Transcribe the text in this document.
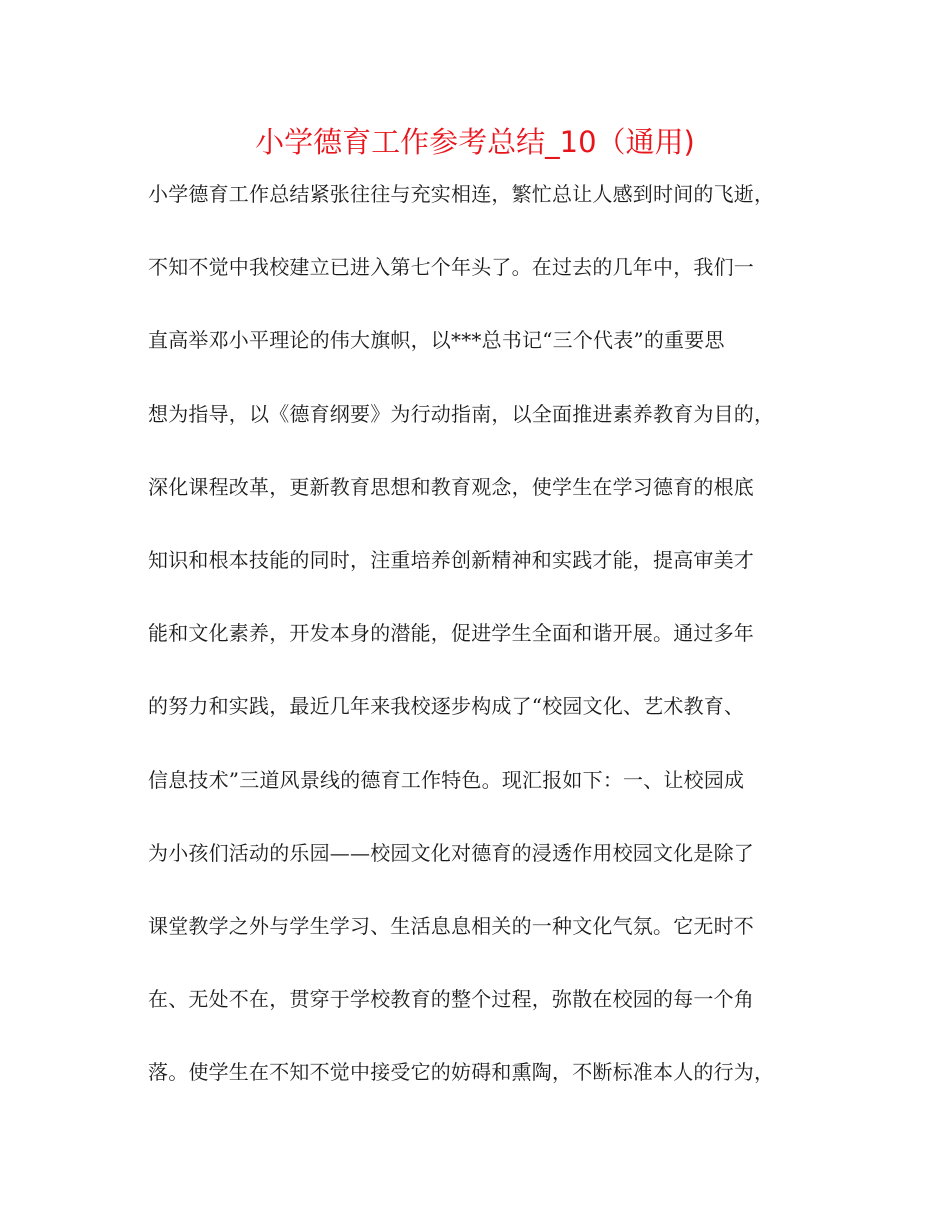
小学德育工作参考总结_10（通用)
小学德育工作总结紧张往往与充实相连，繁忙总让人感到时间的飞逝，
不知不觉中我校建立已进入第七个年头了。在过去的几年中，我们一
直高举邓小平理论的伟大旗帜，以***总书记“三个代表”的重要思
想为指导，以《德育纲要》为行动指南，以全面推进素养教育为目的，
深化课程改革，更新教育思想和教育观念，使学生在学习德育的根底
知识和根本技能的同时，注重培养创新精神和实践才能，提高审美才
能和文化素养，开发本身的潜能，促进学生全面和谐开展。通过多年
的努力和实践，最近几年来我校逐步构成了“校园文化、艺术教育、
信息技术”三道风景线的德育工作特色。现汇报如下：一、让校园成
为小孩们活动的乐园——校园文化对德育的浸透作用校园文化是除了
课堂教学之外与学生学习、生活息息相关的一种文化气氛。它无时不
在、无处不在，贯穿于学校教育的整个过程，弥散在校园的每一个角
落。使学生在不知不觉中接受它的妨碍和熏陶，不断标准本人的行为，
